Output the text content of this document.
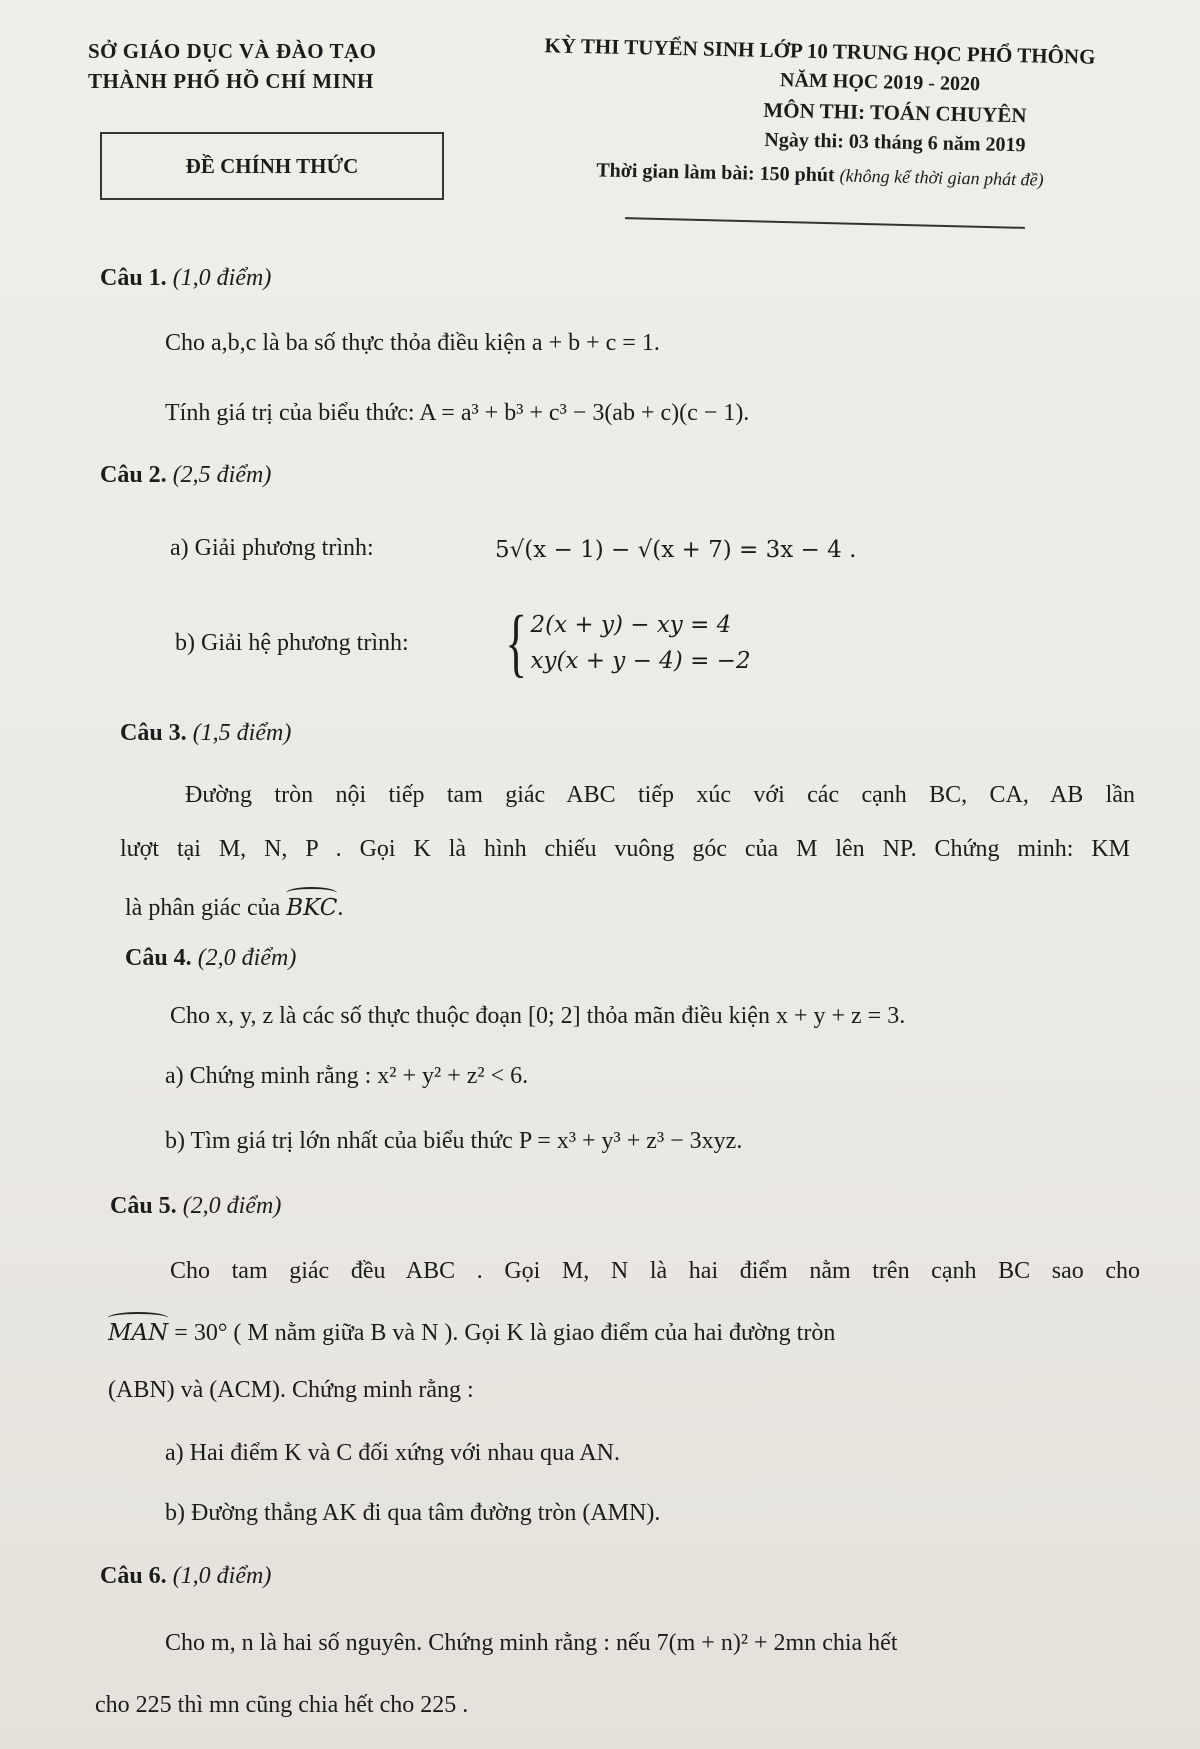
SỞ GIÁO DỤC VÀ ĐÀO TẠO
THÀNH PHỐ HỒ CHÍ MINH
ĐỀ CHÍNH THỨC
KỲ THI TUYỂN SINH LỚP 10 TRUNG HỌC PHỔ THÔNG
NĂM HỌC 2019 - 2020
MÔN THI: TOÁN CHUYÊN
Ngày thi: 03 tháng 6 năm 2019
Thời gian làm bài: 150 phút (không kể thời gian phát đề)
Câu 1. (1,0 điểm)
Cho a,b,c là ba số thực thỏa điều kiện a + b + c = 1.
Tính giá trị của biểu thức: A = a³ + b³ + c³ − 3(ab + c)(c − 1).
Câu 2. (2,5 điểm)
a) Giải phương trình:	5√(x − 1) − √(x + 7) = 3x − 4 .
b) Giải hệ phương trình: { 2(x + y) − xy = 4
xy(x + y − 4) = −2
Câu 3. (1,5 điểm)
Đường tròn nội tiếp tam giác ABC tiếp xúc với các cạnh BC, CA, AB lần
lượt tại M, N, P . Gọi K là hình chiếu vuông góc của M lên NP. Chứng minh: KM
là phân giác của BKC.
Câu 4. (2,0 điểm)
Cho x, y, z là các số thực thuộc đoạn [0; 2] thỏa mãn điều kiện x + y + z = 3.
a) Chứng minh rằng : x² + y² + z² < 6.
b) Tìm giá trị lớn nhất của biểu thức P = x³ + y³ + z³ − 3xyz.
Câu 5. (2,0 điểm)
Cho tam giác đều ABC . Gọi M, N là hai điểm nằm trên cạnh BC sao cho
MAN = 30° ( M nằm giữa B và N ). Gọi K là giao điểm của hai đường tròn
(ABN) và (ACM). Chứng minh rằng :
a) Hai điểm K và C đối xứng với nhau qua AN.
b) Đường thẳng AK đi qua tâm đường tròn (AMN).
Câu 6. (1,0 điểm)
Cho m, n là hai số nguyên. Chứng minh rằng : nếu 7(m + n)² + 2mn chia hết
cho 225 thì mn cũng chia hết cho 225 .
